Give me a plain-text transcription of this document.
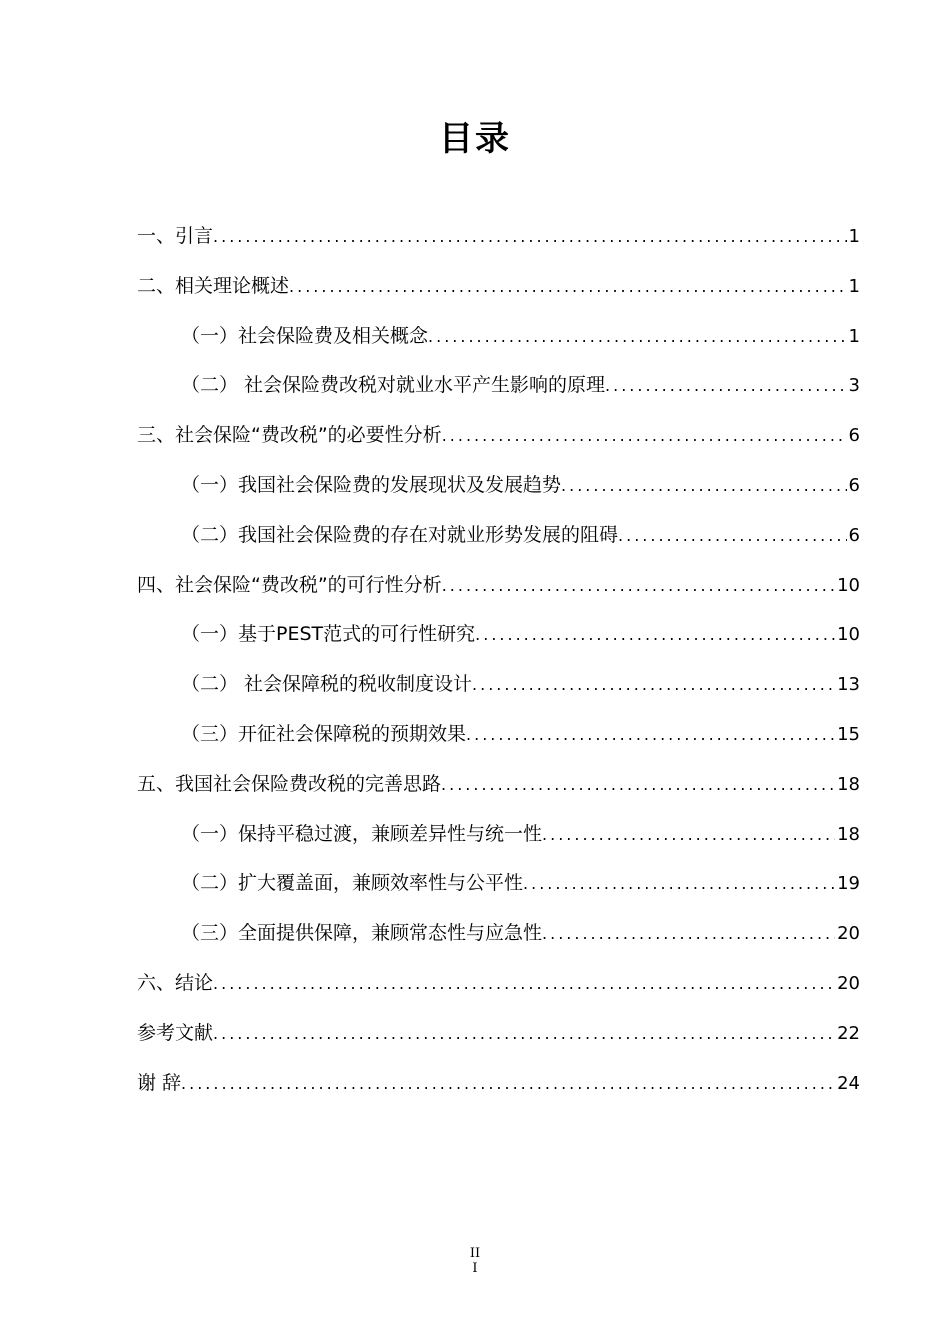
目录
一、引言 .....	1
二、相关理论概述 .....	1
（一）社会保险费及相关概念 .....	1
（二） 社会保险费改税对就业水平产生影响的原理 .....	3
三、社会保险“费改税”的必要性分析 .....	6
（一）我国社会保险费的发展现状及发展趋势 .....	6
（二）我国社会保险费的存在对就业形势发展的阻碍 .....	6
四、社会保险“费改税”的可行性分析 .....	10
（一）基于PEST范式的可行性研究 .....	10
（二） 社会保障税的税收制度设计 .....	13
（三）开征社会保障税的预期效果 .....	15
五、我国社会保险费改税的完善思路 .....	18
（一）保持平稳过渡，兼顾差异性与统一性 .....	18
（二）扩大覆盖面，兼顾效率性与公平性 .....	19
（三）全面提供保障，兼顾常态性与应急性 .....	20
六、结论 .....	20
参考文献 .....	22
谢 辞 .....	24
II
I
